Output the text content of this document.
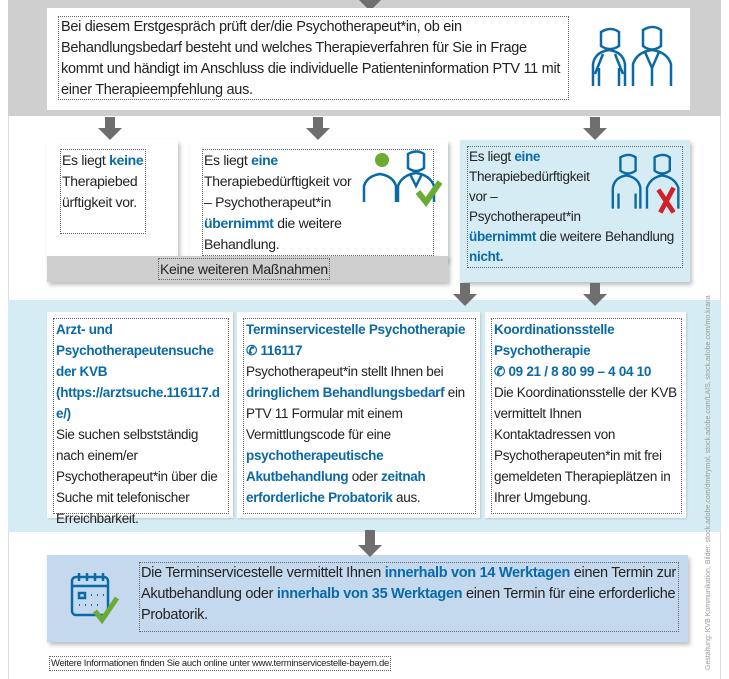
Bei diesem Erstgespräch prüft der/die Psychotherapeut*in, ob ein Behandlungsbedarf besteht und welches Therapieverfahren für Sie in Frage kommt und händigt im Anschluss die individuelle Patienteninformation PTV 11 mit einer Therapieempfehlung aus.
Es liegt keine Therapiebedürftigkeit vor.
Es liegt eine Therapiebedürftigkeit vor – Psychotherapeut*in übernimmt die weitere Behandlung.
Keine weiteren Maßnahmen
Es liegt eine Therapiebedürftigkeit vor – Psychotherapeut*in übernimmt die weitere Behandlung nicht.
Arzt- und Psychotherapeutensuche der KVB (https://arztsuche.116117.de/)
Sie suchen selbstständig nach einem/er Psychotherapeut*in über die Suche mit telefonischer Erreichbarkeit.
Terminservicestelle Psychotherapie
✆ 116117
Psychotherapeut*in stellt Ihnen bei dringlichem Behandlungsbedarf ein PTV 11 Formular mit einem Vermittlungscode für eine psychotherapeutische Akutbehandlung oder zeitnah erforderliche Probatorik aus.
Koordinationsstelle Psychotherapie
✆ 09 21 / 8 80 99 – 4 04 10
Die Koordinationsstelle der KVB vermittelt Ihnen Kontaktadressen von Psychotherapeuten*in mit frei gemeldeten Therapieplätzen in Ihrer Umgebung.
Die Terminservicestelle vermittelt Ihnen innerhalb von 14 Werktagen einen Termin zur Akutbehandlung oder innerhalb von 35 Werktagen einen Termin für eine erforderliche Probatorik.
Weitere Informationen finden Sie auch online unter www.terminservicestelle-bayern.de	Gestaltung: KVB Kommunikation, Bilder: stock.adobe.com/dmitrymol, stock.adobe.com/LAIS, stock.adobe.com/mo.krana
